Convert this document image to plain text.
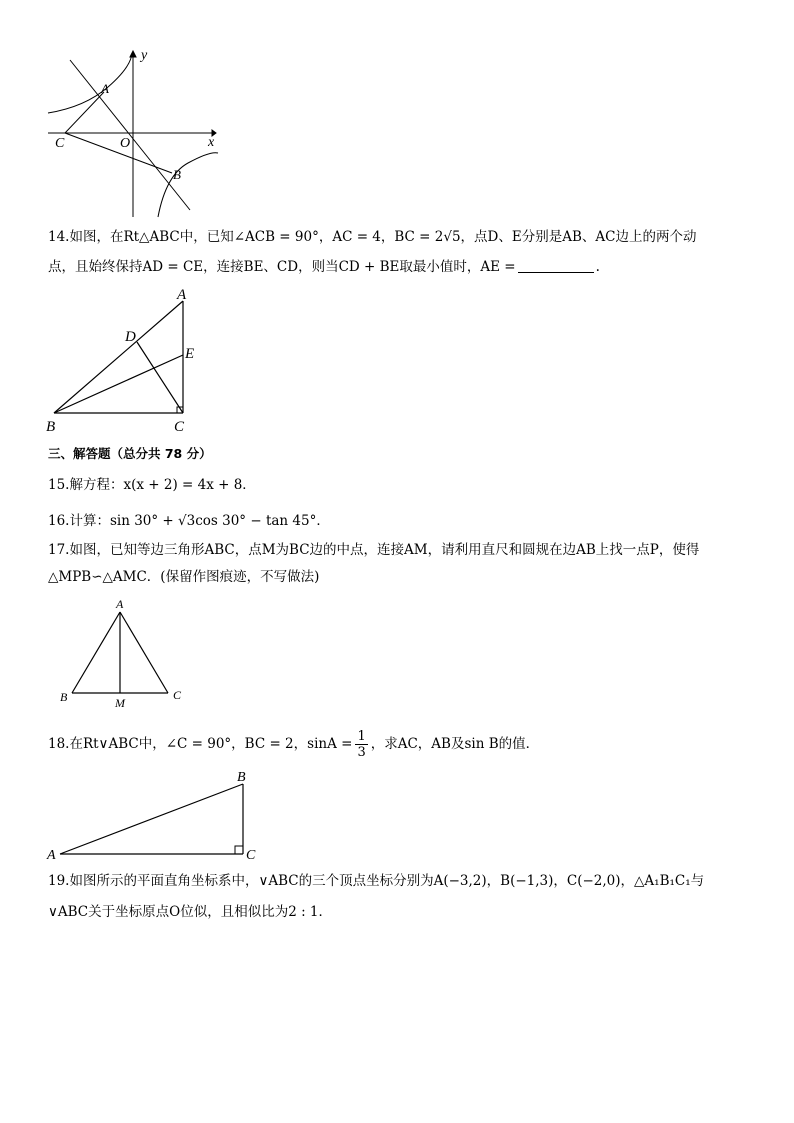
y
x
A
C	O
B
14.如图，在Rt△ABC中，已知∠ACB = 90°，AC = 4，BC = 2√5，点D、E分别是AB、AC边上的两个动
点，且始终保持AD = CE，连接BE、CD，则当CD + BE取最小值时，AE =	.
A
D
E
B	C
三、解答题（总分共 78 分）
15.解方程：x(x + 2) = 4x + 8．
16.计算：sin 30° + √3cos 30° − tan 45°．
17.如图，已知等边三角形ABC，点M为BC边的中点，连接AM，请利用直尺和圆规在边AB上找一点P，使得
△MPB∽△AMC．(保留作图痕迹，不写做法)
A
B	M
C
18.在Rt∨ABC中，∠C = 90°，BC = 2，$\sin A = \frac{1}{3}$ ，求AC，AB及sin B的值．
A
B
C
19.如图所示的平面直角坐标系中，∨ABC的三个顶点坐标分别为A(−3,2)，B(−1,3)，C(−2,0)，△A₁B₁C₁与
∨ABC关于坐标原点O位似，且相似比为2 : 1．
